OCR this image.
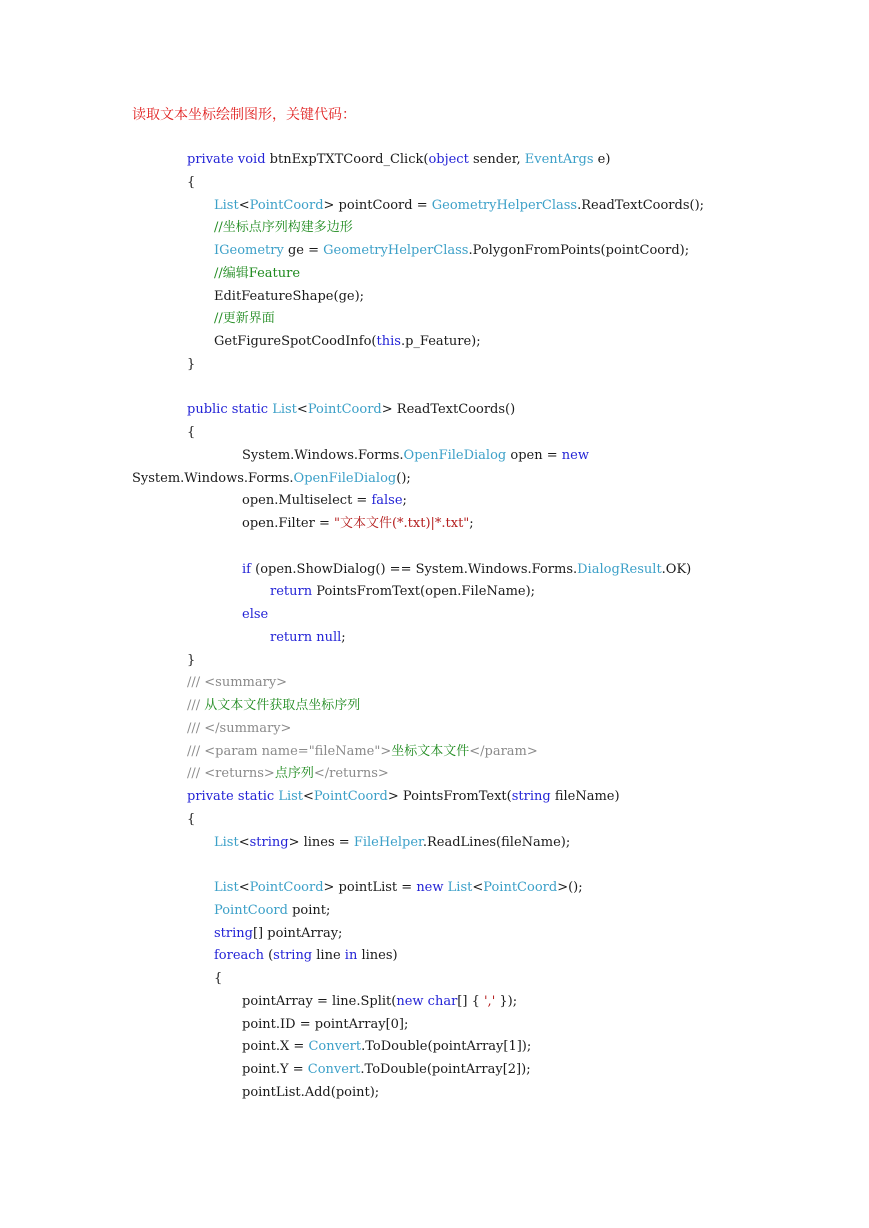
读取文本坐标绘制图形，关键代码：
private void btnExpTXTCoord_Click(object sender, EventArgs e)
{
List<PointCoord> pointCoord = GeometryHelperClass.ReadTextCoords();
//坐标点序列构建多边形
IGeometry ge = GeometryHelperClass.PolygonFromPoints(pointCoord);
//编辑Feature
EditFeatureShape(ge);
//更新界面
GetFigureSpotCoodInfo(this.p_Feature);
}
public static List<PointCoord> ReadTextCoords()
{
System.Windows.Forms.OpenFileDialog open = new
System.Windows.Forms.OpenFileDialog();
open.Multiselect = false;
open.Filter = "文本文件(*.txt)|*.txt";
if (open.ShowDialog() == System.Windows.Forms.DialogResult.OK)
return PointsFromText(open.FileName);
else
return null;
}
/// <summary>
/// 从文本文件获取点坐标序列
/// </summary>
/// <param name="fileName">坐标文本文件</param>
/// <returns>点序列</returns>
private static List<PointCoord> PointsFromText(string fileName)
{
List<string> lines = FileHelper.ReadLines(fileName);
List<PointCoord> pointList = new List<PointCoord>();
PointCoord point;
string[] pointArray;
foreach (string line in lines)
{
pointArray = line.Split(new char[] { ',' });
point.ID = pointArray[0];
point.X = Convert.ToDouble(pointArray[1]);
point.Y = Convert.ToDouble(pointArray[2]);
pointList.Add(point);
